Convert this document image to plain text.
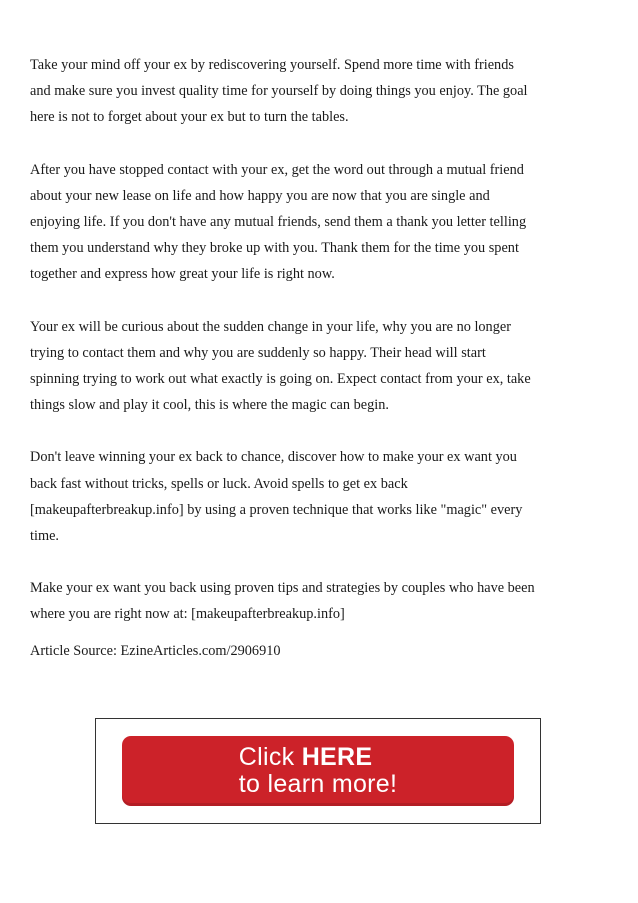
Take your mind off your ex by rediscovering yourself. Spend more time with friends
and make sure you invest quality time for yourself by doing things you enjoy. The goal
here is not to forget about your ex but to turn the tables.

After you have stopped contact with your ex, get the word out through a mutual friend
about your new lease on life and how happy you are now that you are single and
enjoying life. If you don't have any mutual friends, send them a thank you letter telling
them you understand why they broke up with you. Thank them for the time you spent
together and express how great your life is right now.

Your ex will be curious about the sudden change in your life, why you are no longer
trying to contact them and why you are suddenly so happy. Their head will start
spinning trying to work out what exactly is going on. Expect contact from your ex, take
things slow and play it cool, this is where the magic can begin.

Don't leave winning your ex back to chance, discover how to make your ex want you
back fast without tricks, spells or luck. Avoid spells to get ex back
[makeupafterbreakup.info] by using a proven technique that works like "magic" every
time.

Make your ex want you back using proven tips and strategies by couples who have been
where you are right now at: [makeupafterbreakup.info]

Article Source: EzineArticles.com/2906910

Click HERE
to learn more!
